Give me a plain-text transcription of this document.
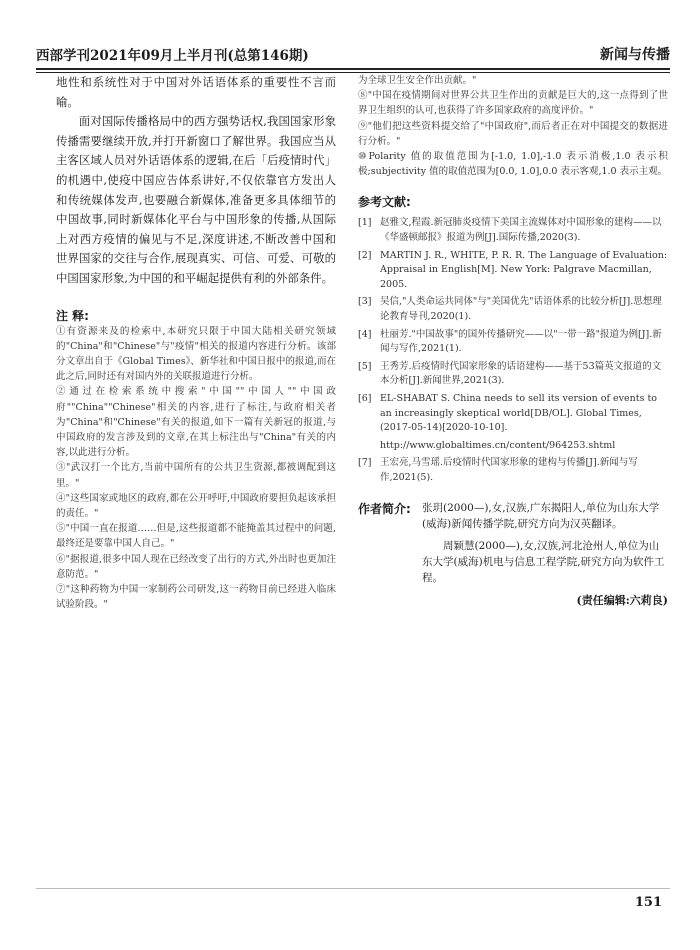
西部学刊2021年09月上半月刊(总第146期)	新闻与传播

地性和系统性对于中国对外话语体系的重要性不言而喻。

面对国际传播格局中的西方强势话权,我国国家形象传播需要继续开放,并打开新窗口了解世界。我国应当从主客区域人员对外话语体系的逻辑,在后「后疫情时代」的机遇中,使疫中国应告体系讲好,不仅依靠官方发出人和传统媒体发声,也要融合新媒体,准备更多具体细节的中国故事,同时新媒体化平台与中国形象的传播,从国际上对西方疫情的偏见与不足,深度讲述,不断改善中国和世界国家的交往与合作,展现真实、可信、可爱、可敬的中国国家形象,为中国的和平崛起提供有利的外部条件。

注 释:

①有资源来及的检索中,本研究只限于中国大陆相关研究领域的"China"和"Chinese"与"疫情"相关的报道内容进行分析。该部分文章出自于《Global Times》、新华社和中国日报中的报道,而在此之后,同时还有对国内外的关联报道进行分析。

②通过在检索系统中搜索"中国""中国人""中国政府""China""Chinese"相关的内容,进行了标注,与政府相关者为"China"和"Chinese"有关的报道,如下一篇有关新冠的报道,与中国政府的发言涉及到的文章,在其上标注出与"China"有关的内容,以此进行分析。

③"武汉打一个比方,当前中国所有的公共卫生资源,都被调配到这里。"

④"这些国家或地区的政府,都在公开呼吁,中国政府要担负起该承担的责任。"

⑤"中国一直在报道……但是,这些报道都不能掩盖其过程中的问题,最终还是要靠中国人自己。"

⑥"据报道,很多中国人现在已经改变了出行的方式,外出时也更加注意防范。"

⑦"这种药物为中国一家制药公司研发,这一药物目前已经进入临床试验阶段。"

为全球卫生安全作出贡献。"

⑧"中国在疫情期间对世界公共卫生作出的贡献是巨大的,这一点得到了世界卫生组织的认可,也获得了许多国家政府的高度评价。"

⑨"他们把这些资料提交给了"中国政府",而后者正在对中国提交的数据进行分析。"

⑩Polarity 值的取值范围为[-1.0, 1.0],-1.0 表示消极,1.0 表示积极;subjectivity 值的取值范围为[0.0, 1.0],0.0 表示客观,1.0 表示主观。

参考文献:
[1] 赵雅文,程霞.新冠肺炎疫情下美国主流媒体对中国形象的建构——以《华盛顿邮报》报道为例[J].国际传播,2020(3).
[2] MARTIN J. R., WHITE, P. R. R. The Language of Evaluation: Appraisal in English[M]. New York: Palgrave Macmillan, 2005.
[3] 吴信,"人类命运共同体"与"美国优先"话语体系的比较分析[J].思想理论教育导刊,2020(1).
[4] 杜丽芳."中国故事"的国外传播研究——以"一带一路"报道为例[J].新闻与写作,2021(1).
[5] 王秀芳.后疫情时代国家形象的话语建构——基于53篇英文报道的文本分析[J].新闻世界,2021(3).
[6] EL-SHABAT S. China needs to sell its version of events to an increasingly skeptical world[DB/OL]. Global Times, (2017-05-14)[2020-10-10].
http://www.globaltimes.cn/content/964253.shtml
[7] 王宏亮,马雪瑶.后疫情时代国家形象的建构与传播[J].新闻与写作,2021(5).
作者简介: 张玥(2000—),女,汉族,广东揭阳人,单位为山东大学(威海)新闻传播学院,研究方向为汉英翻译。

周颖慧(2000—),女,汉族,河北沧州人,单位为山东大学(威海)机电与信息工程学院,研究方向为软件工程。

(责任编辑:六莉良)
151
